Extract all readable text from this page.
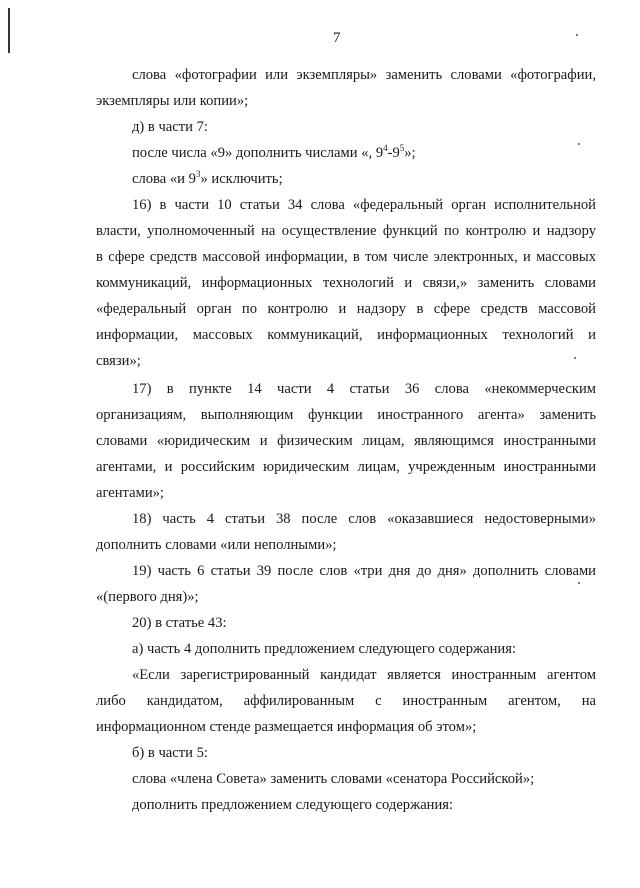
7
слова «фотографии или экземпляры» заменить словами «фотографии,
экземпляры или копии»;
д) в части 7:
после числа «9» дополнить числами «, $9^4-9^5$»;
слова «и $9^3$» исключить;
16) в части 10 статьи 34 слова «федеральный орган исполнительной
власти, уполномоченный на осуществление функций по контролю и надзору
в сфере средств массовой информации, в том числе электронных, и массовых
коммуникаций, информационных технологий и связи,» заменить словами
«федеральный орган по контролю и надзору в сфере средств массовой
информации, массовых коммуникаций, информационных технологий и
связи»;
17) в пункте 14 части 4 статьи 36 слова «некоммерческим
организациям, выполняющим функции иностранного агента» заменить
словами «юридическим и физическим лицам, являющимся иностранными
агентами, и российским юридическим лицам, учрежденным иностранными
агентами»;
18) часть 4 статьи 38 после слов «оказавшиеся недостоверными»
дополнить словами «или неполными»;
19) часть 6 статьи 39 после слов «три дня до дня» дополнить словами
«(первого дня)»;
20) в статье 43:
а) часть 4 дополнить предложением следующего содержания:
«Если зарегистрированный кандидат является иностранным агентом
либо кандидатом, аффилированным с иностранным агентом, на
информационном стенде размещается информация об этом»;
б) в части 5:
слова «члена Совета» заменить словами «сенатора Российской»;
дополнить предложением следующего содержания:
